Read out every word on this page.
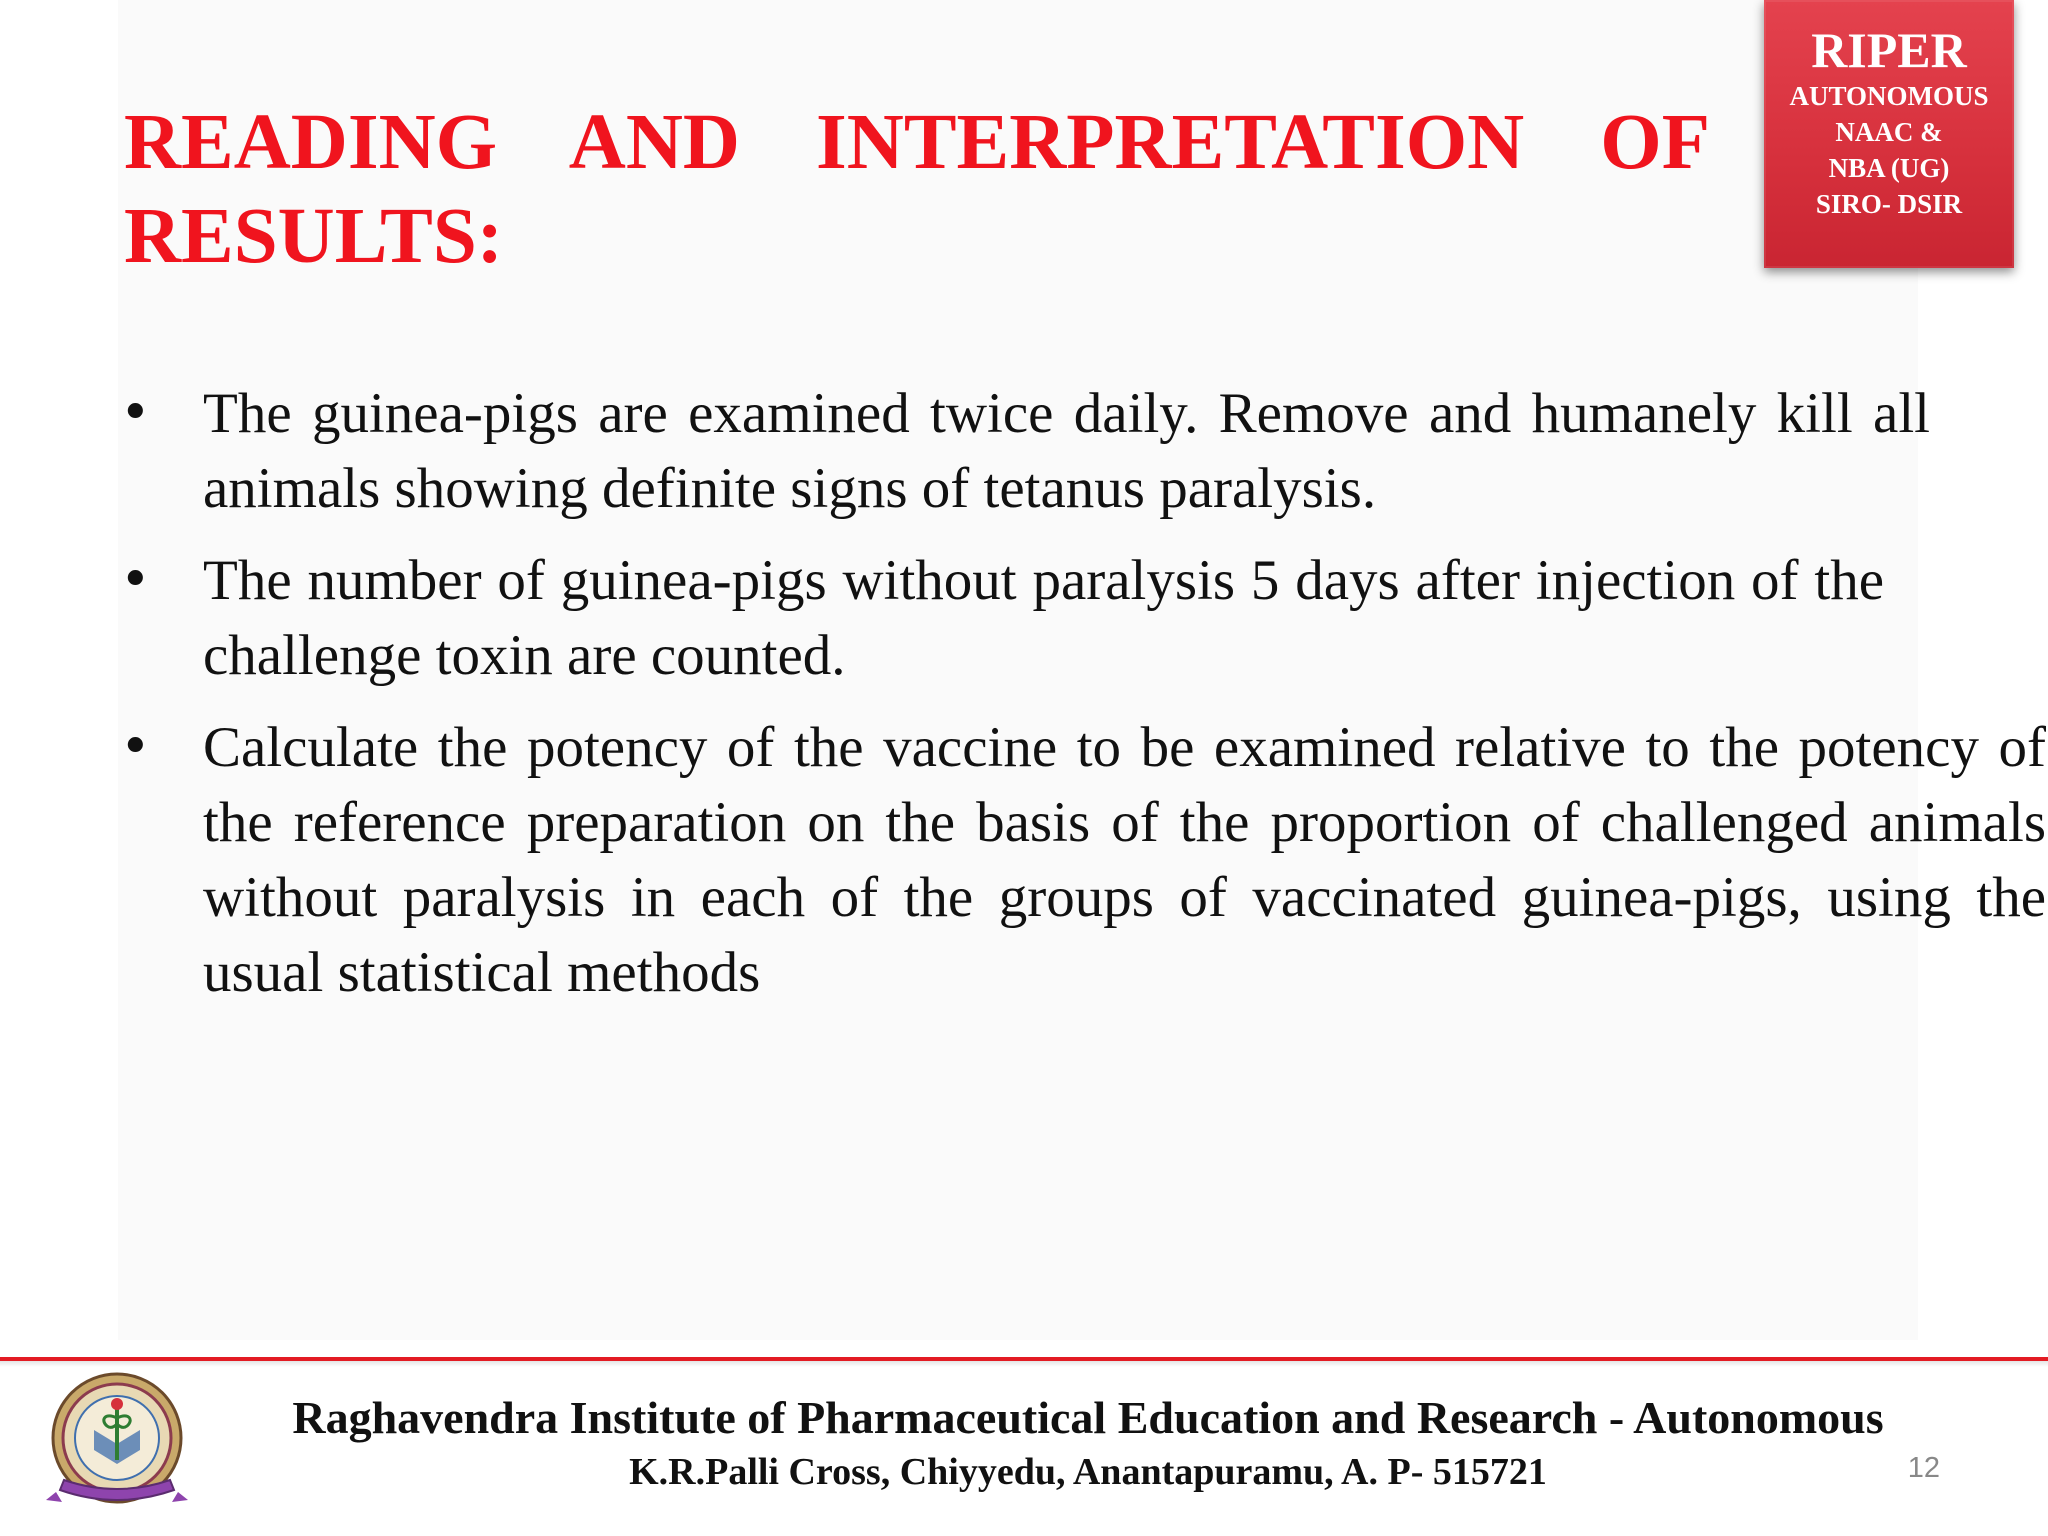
READING AND INTERPRETATION OF RESULTS:
RIPER
AUTONOMOUS
NAAC &
NBA (UG)
SIRO- DSIR
• The guinea-pigs are examined twice daily. Remove and humanely kill all animals showing definite signs of tetanus paralysis.
• The number of guinea-pigs without paralysis 5 days after injection of the challenge toxin are counted.
• Calculate the potency of the vaccine to be examined relative to the potency of the reference preparation on the basis of the proportion of challenged animals without paralysis in each of the groups of vaccinated guinea-pigs, using the usual statistical methods
Raghavendra Institute of Pharmaceutical Education and Research - Autonomous
K.R.Palli Cross, Chiyyedu, Anantapuramu, A. P- 515721	12
